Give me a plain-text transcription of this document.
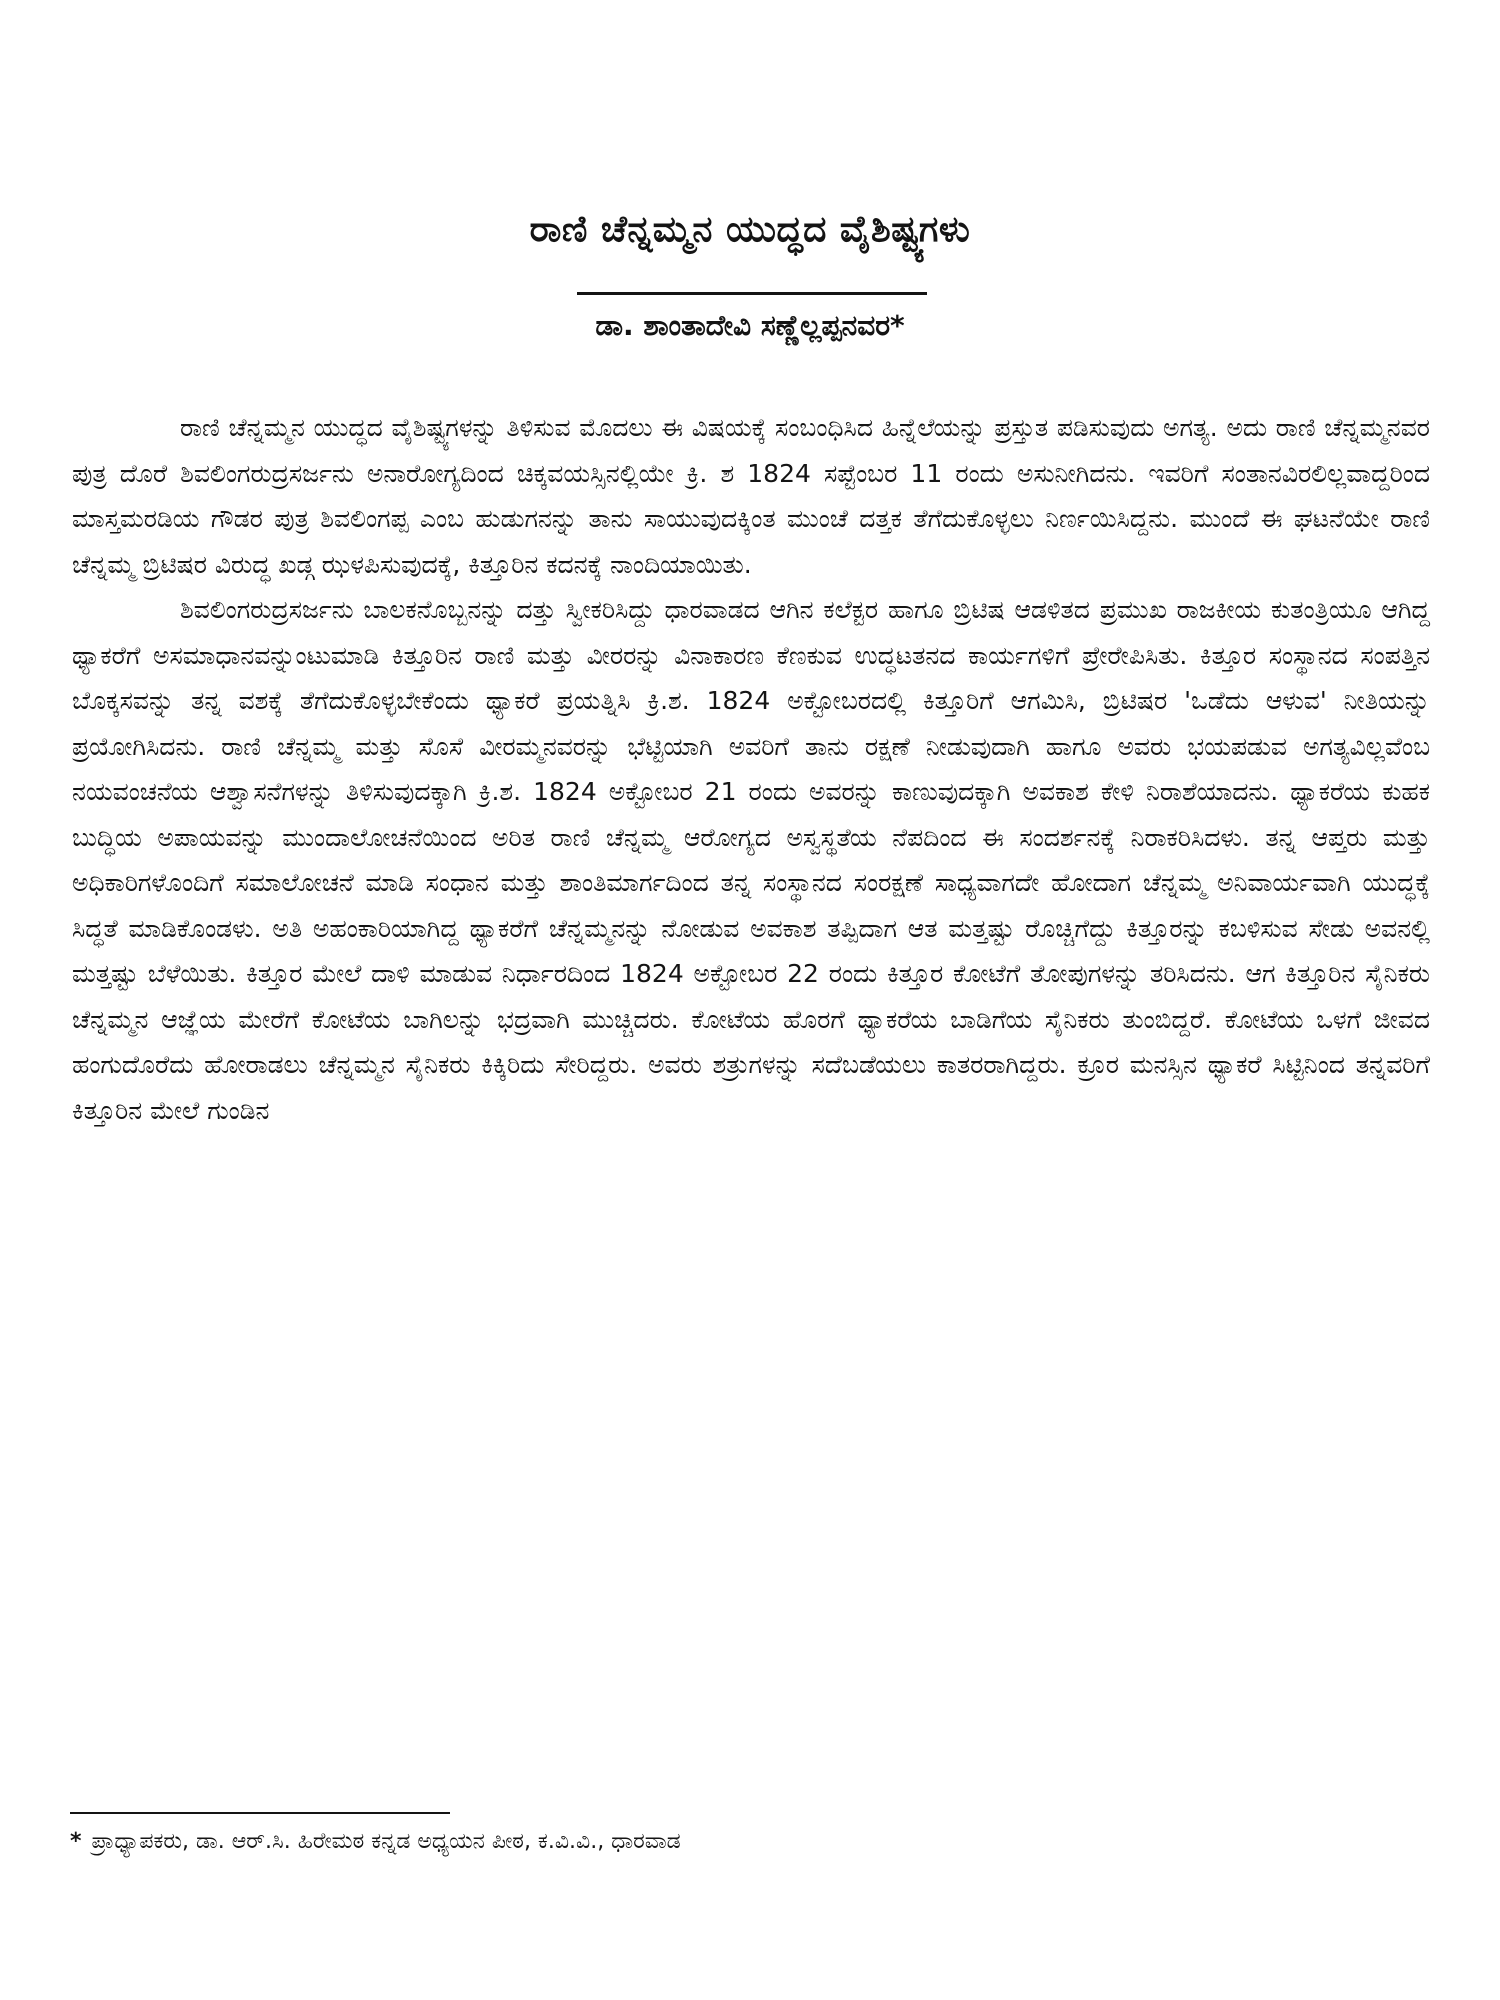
ರಾಣಿ ಚೆನ್ನಮ್ಮನ ಯುದ್ಧದ ವೈಶಿಷ್ಟ್ಯಗಳು
ಡಾ. ಶಾಂತಾದೇವಿ ಸಣ್ಣೆಲ್ಲಪ್ಪನವರ*

ರಾಣಿ ಚೆನ್ನಮ್ಮನ ಯುದ್ಧದ ವೈಶಿಷ್ಟ್ಯಗಳನ್ನು ತಿಳಿಸುವ ಮೊದಲು ಈ ವಿಷಯಕ್ಕೆ ಸಂಬಂಧಿಸಿದ ಹಿನ್ನೆಲೆಯನ್ನು ಪ್ರಸ್ತುತ ಪಡಿಸುವುದು ಅಗತ್ಯ. ಅದು ರಾಣಿ ಚೆನ್ನಮ್ಮನವರ ಪುತ್ರ ದೊರೆ ಶಿವಲಿಂಗರುದ್ರಸರ್ಜನು ಅನಾರೋಗ್ಯದಿಂದ ಚಿಕ್ಕವಯಸ್ಸಿನಲ್ಲಿಯೇ ಕ್ರಿ. ಶ 1824 ಸಪ್ಟೆಂಬರ 11 ರಂದು ಅಸುನೀಗಿದನು. ಇವರಿಗೆ ಸಂತಾನವಿರಲಿಲ್ಲವಾದ್ದರಿಂದ ಮಾಸ್ತಮರಡಿಯ ಗೌಡರ ಪುತ್ರ ಶಿವಲಿಂಗಪ್ಪ ಎಂಬ ಹುಡುಗನನ್ನು ತಾನು ಸಾಯುವುದಕ್ಕಿಂತ ಮುಂಚೆ ದತ್ತಕ ತೆಗೆದುಕೊಳ್ಳಲು ನಿರ್ಣಯಿಸಿದ್ದನು. ಮುಂದೆ ಈ ಘಟನೆಯೇ ರಾಣಿ ಚೆನ್ನಮ್ಮ ಬ್ರಿಟಿಷರ ವಿರುದ್ಧ ಖಡ್ಗ ಝಳಪಿಸುವುದಕ್ಕೆ, ಕಿತ್ತೂರಿನ ಕದನಕ್ಕೆ ನಾಂದಿಯಾಯಿತು.

ಶಿವಲಿಂಗರುದ್ರಸರ್ಜನು ಬಾಲಕನೊಬ್ಬನನ್ನು ದತ್ತು ಸ್ವೀಕರಿಸಿದ್ದು ಧಾರವಾಡದ ಆಗಿನ ಕಲೆಕ್ಟರ ಹಾಗೂ ಬ್ರಿಟಿಷ ಆಡಳಿತದ ಪ್ರಮುಖ ರಾಜಕೀಯ ಕುತಂತ್ರಿಯೂ ಆಗಿದ್ದ ಥ್ಯಾಕರೆಗೆ ಅಸಮಾಧಾನವನ್ನುಂಟುಮಾಡಿ ಕಿತ್ತೂರಿನ ರಾಣಿ ಮತ್ತು ವೀರರನ್ನು ವಿನಾಕಾರಣ ಕೆಣಕುವ ಉದ್ಧಟತನದ ಕಾರ್ಯಗಳಿಗೆ ಪ್ರೇರೇಪಿಸಿತು. ಕಿತ್ತೂರ ಸಂಸ್ಥಾನದ ಸಂಪತ್ತಿನ ಬೊಕ್ಕಸವನ್ನು ತನ್ನ ವಶಕ್ಕೆ ತೆಗೆದುಕೊಳ್ಳಬೇಕೆಂದು ಥ್ಯಾಕರೆ ಪ್ರಯತ್ನಿಸಿ ಕ್ರಿ.ಶ. 1824 ಅಕ್ಟೋಬರದಲ್ಲಿ ಕಿತ್ತೂರಿಗೆ ಆಗಮಿಸಿ, ಬ್ರಿಟಿಷರ 'ಒಡೆದು ಆಳುವ' ನೀತಿಯನ್ನು ಪ್ರಯೋಗಿಸಿದನು. ರಾಣಿ ಚೆನ್ನಮ್ಮ ಮತ್ತು ಸೊಸೆ ವೀರಮ್ಮನವರನ್ನು ಭೆಟ್ಟಿಯಾಗಿ ಅವರಿಗೆ ತಾನು ರಕ್ಷಣೆ ನೀಡುವುದಾಗಿ ಹಾಗೂ ಅವರು ಭಯಪಡುವ ಅಗತ್ಯವಿಲ್ಲವೆಂಬ ನಯವಂಚನೆಯ ಆಶ್ವಾಸನೆಗಳನ್ನು ತಿಳಿಸುವುದಕ್ಕಾಗಿ ಕ್ರಿ.ಶ. 1824 ಅಕ್ಟೋಬರ 21 ರಂದು ಅವರನ್ನು ಕಾಣುವುದಕ್ಕಾಗಿ ಅವಕಾಶ ಕೇಳಿ ನಿರಾಶೆಯಾದನು. ಥ್ಯಾಕರೆಯ ಕುಹಕ ಬುದ್ಧಿಯ ಅಪಾಯವನ್ನು ಮುಂದಾಲೋಚನೆಯಿಂದ ಅರಿತ ರಾಣಿ ಚೆನ್ನಮ್ಮ ಆರೋಗ್ಯದ ಅಸ್ವಸ್ಥತೆಯ ನೆಪದಿಂದ ಈ ಸಂದರ್ಶನಕ್ಕೆ ನಿರಾಕರಿಸಿದಳು. ತನ್ನ ಆಪ್ತರು ಮತ್ತು ಅಧಿಕಾರಿಗಳೊಂದಿಗೆ ಸಮಾಲೋಚನೆ ಮಾಡಿ ಸಂಧಾನ ಮತ್ತು ಶಾಂತಿಮಾರ್ಗದಿಂದ ತನ್ನ ಸಂಸ್ಥಾನದ ಸಂರಕ್ಷಣೆ ಸಾಧ್ಯವಾಗದೇ ಹೋದಾಗ ಚೆನ್ನಮ್ಮ ಅನಿವಾರ್ಯವಾಗಿ ಯುದ್ಧಕ್ಕೆ ಸಿದ್ಧತೆ ಮಾಡಿಕೊಂಡಳು. ಅತಿ ಅಹಂಕಾರಿಯಾಗಿದ್ದ ಥ್ಯಾಕರೆಗೆ ಚೆನ್ನಮ್ಮನನ್ನು ನೋಡುವ ಅವಕಾಶ ತಪ್ಪಿದಾಗ ಆತ ಮತ್ತಷ್ಟು ರೊಚ್ಚಿಗೆದ್ದು ಕಿತ್ತೂರನ್ನು ಕಬಳಿಸುವ ಸೇಡು ಅವನಲ್ಲಿ ಮತ್ತಷ್ಟು ಬೆಳೆಯಿತು. ಕಿತ್ತೂರ ಮೇಲೆ ದಾಳಿ ಮಾಡುವ ನಿರ್ಧಾರದಿಂದ 1824 ಅಕ್ಟೋಬರ 22 ರಂದು ಕಿತ್ತೂರ ಕೋಟೆಗೆ ತೋಪುಗಳನ್ನು ತರಿಸಿದನು. ಆಗ ಕಿತ್ತೂರಿನ ಸೈನಿಕರು ಚೆನ್ನಮ್ಮನ ಆಜ್ಞೆಯ ಮೇರೆಗೆ ಕೋಟೆಯ ಬಾಗಿಲನ್ನು ಭದ್ರವಾಗಿ ಮುಚ್ಚಿದರು. ಕೋಟೆಯ ಹೊರಗೆ ಥ್ಯಾಕರೆಯ ಬಾಡಿಗೆಯ ಸೈನಿಕರು ತುಂಬಿದ್ದರೆ. ಕೋಟೆಯ ಒಳಗೆ ಜೀವದ ಹಂಗುದೊರೆದು ಹೋರಾಡಲು ಚೆನ್ನಮ್ಮನ ಸೈನಿಕರು ಕಿಕ್ಕಿರಿದು ಸೇರಿದ್ದರು. ಅವರು ಶತ್ರುಗಳನ್ನು ಸದೆಬಡೆಯಲು ಕಾತರರಾಗಿದ್ದರು. ಕ್ರೂರ ಮನಸ್ಸಿನ ಥ್ಯಾಕರೆ ಸಿಟ್ಟಿನಿಂದ ತನ್ನವರಿಗೆ ಕಿತ್ತೂರಿನ ಮೇಲೆ ಗುಂಡಿನ

* ಪ್ರಾಧ್ಯಾಪಕರು, ಡಾ. ಆರ್.ಸಿ. ಹಿರೇಮಠ ಕನ್ನಡ ಅಧ್ಯಯನ ಪೀಠ, ಕ.ವಿ.ವಿ., ಧಾರವಾಡ
